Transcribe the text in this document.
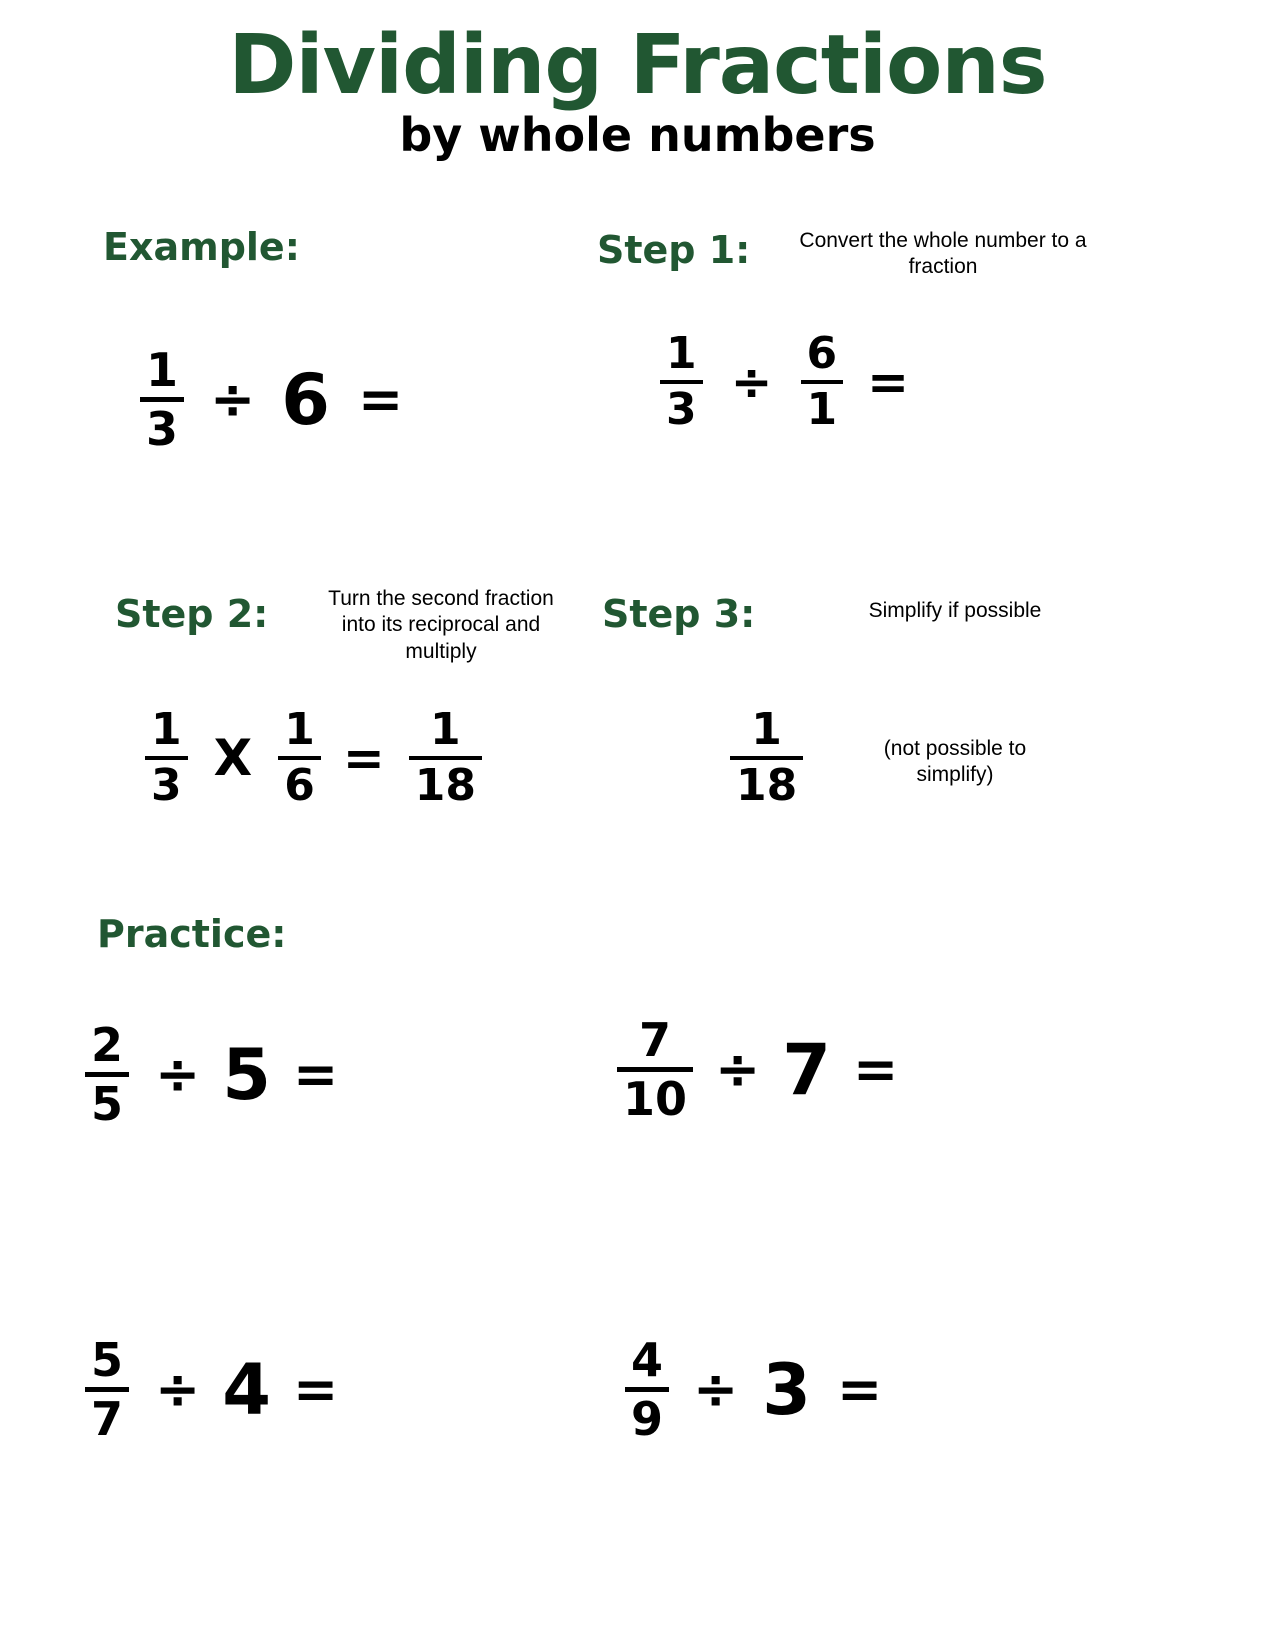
Dividing Fractions
by whole numbers
Example:
1
3 ÷ 6 =
Step 1:	Convert the whole number to a fraction
$\frac{1}{3} \div \frac{6}{1}$ =
Step 2:	Turn the second fraction into its reciprocal and multiply
$\frac{1}{3}$ X $\frac{1}{6} = \frac{1}{18}$
Step 3:	Simplify if possible
$\frac{1}{18}$	(not possible to simplify)
Practice:
2
5 ÷ 5 =
7
10 ÷ 7 =
5
7 ÷ 4 =	4
9 ÷ 3 =
